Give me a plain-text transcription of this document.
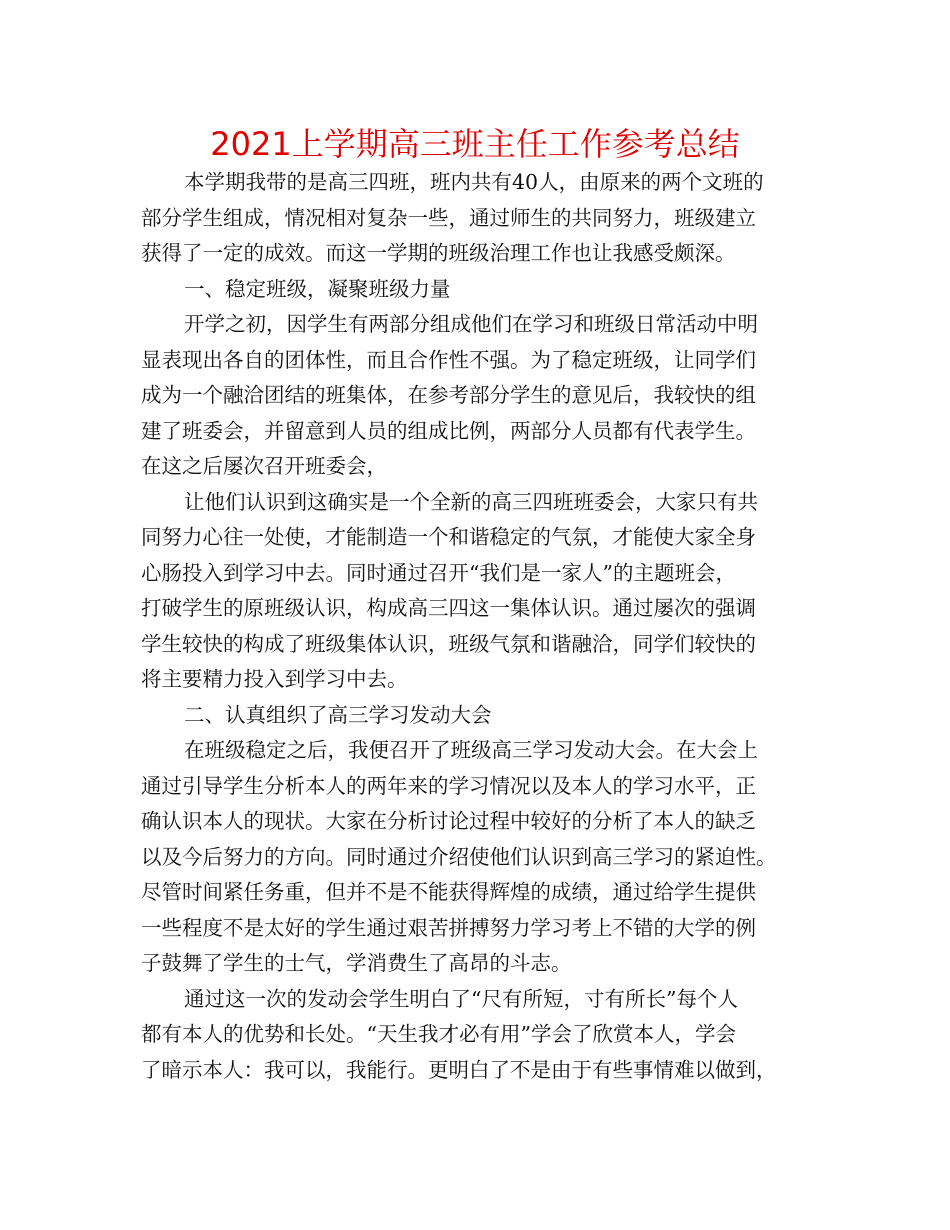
2021上学期高三班主任工作参考总结
本学期我带的是高三四班，班内共有40人，由原来的两个文班的
部分学生组成，情况相对复杂一些，通过师生的共同努力，班级建立
获得了一定的成效。而这一学期的班级治理工作也让我感受颇深。
一、稳定班级，凝聚班级力量
开学之初，因学生有两部分组成他们在学习和班级日常活动中明
显表现出各自的团体性，而且合作性不强。为了稳定班级，让同学们
成为一个融洽团结的班集体，在参考部分学生的意见后，我较快的组
建了班委会，并留意到人员的组成比例，两部分人员都有代表学生。
在这之后屡次召开班委会，
让他们认识到这确实是一个全新的高三四班班委会，大家只有共
同努力心往一处使，才能制造一个和谐稳定的气氛，才能使大家全身
心肠投入到学习中去。同时通过召开“我们是一家人”的主题班会，
打破学生的原班级认识，构成高三四这一集体认识。通过屡次的强调
学生较快的构成了班级集体认识，班级气氛和谐融洽，同学们较快的
将主要精力投入到学习中去。
二、认真组织了高三学习发动大会
在班级稳定之后，我便召开了班级高三学习发动大会。在大会上
通过引导学生分析本人的两年来的学习情况以及本人的学习水平，正
确认识本人的现状。大家在分析讨论过程中较好的分析了本人的缺乏
以及今后努力的方向。同时通过介绍使他们认识到高三学习的紧迫性。
尽管时间紧任务重，但并不是不能获得辉煌的成绩，通过给学生提供
一些程度不是太好的学生通过艰苦拼搏努力学习考上不错的大学的例
子鼓舞了学生的士气，学消费生了高昂的斗志。
通过这一次的发动会学生明白了“尺有所短，寸有所长”每个人
都有本人的优势和长处。“天生我才必有用”学会了欣赏本人，学会
了暗示本人：我可以，我能行。更明白了不是由于有些事情难以做到，
